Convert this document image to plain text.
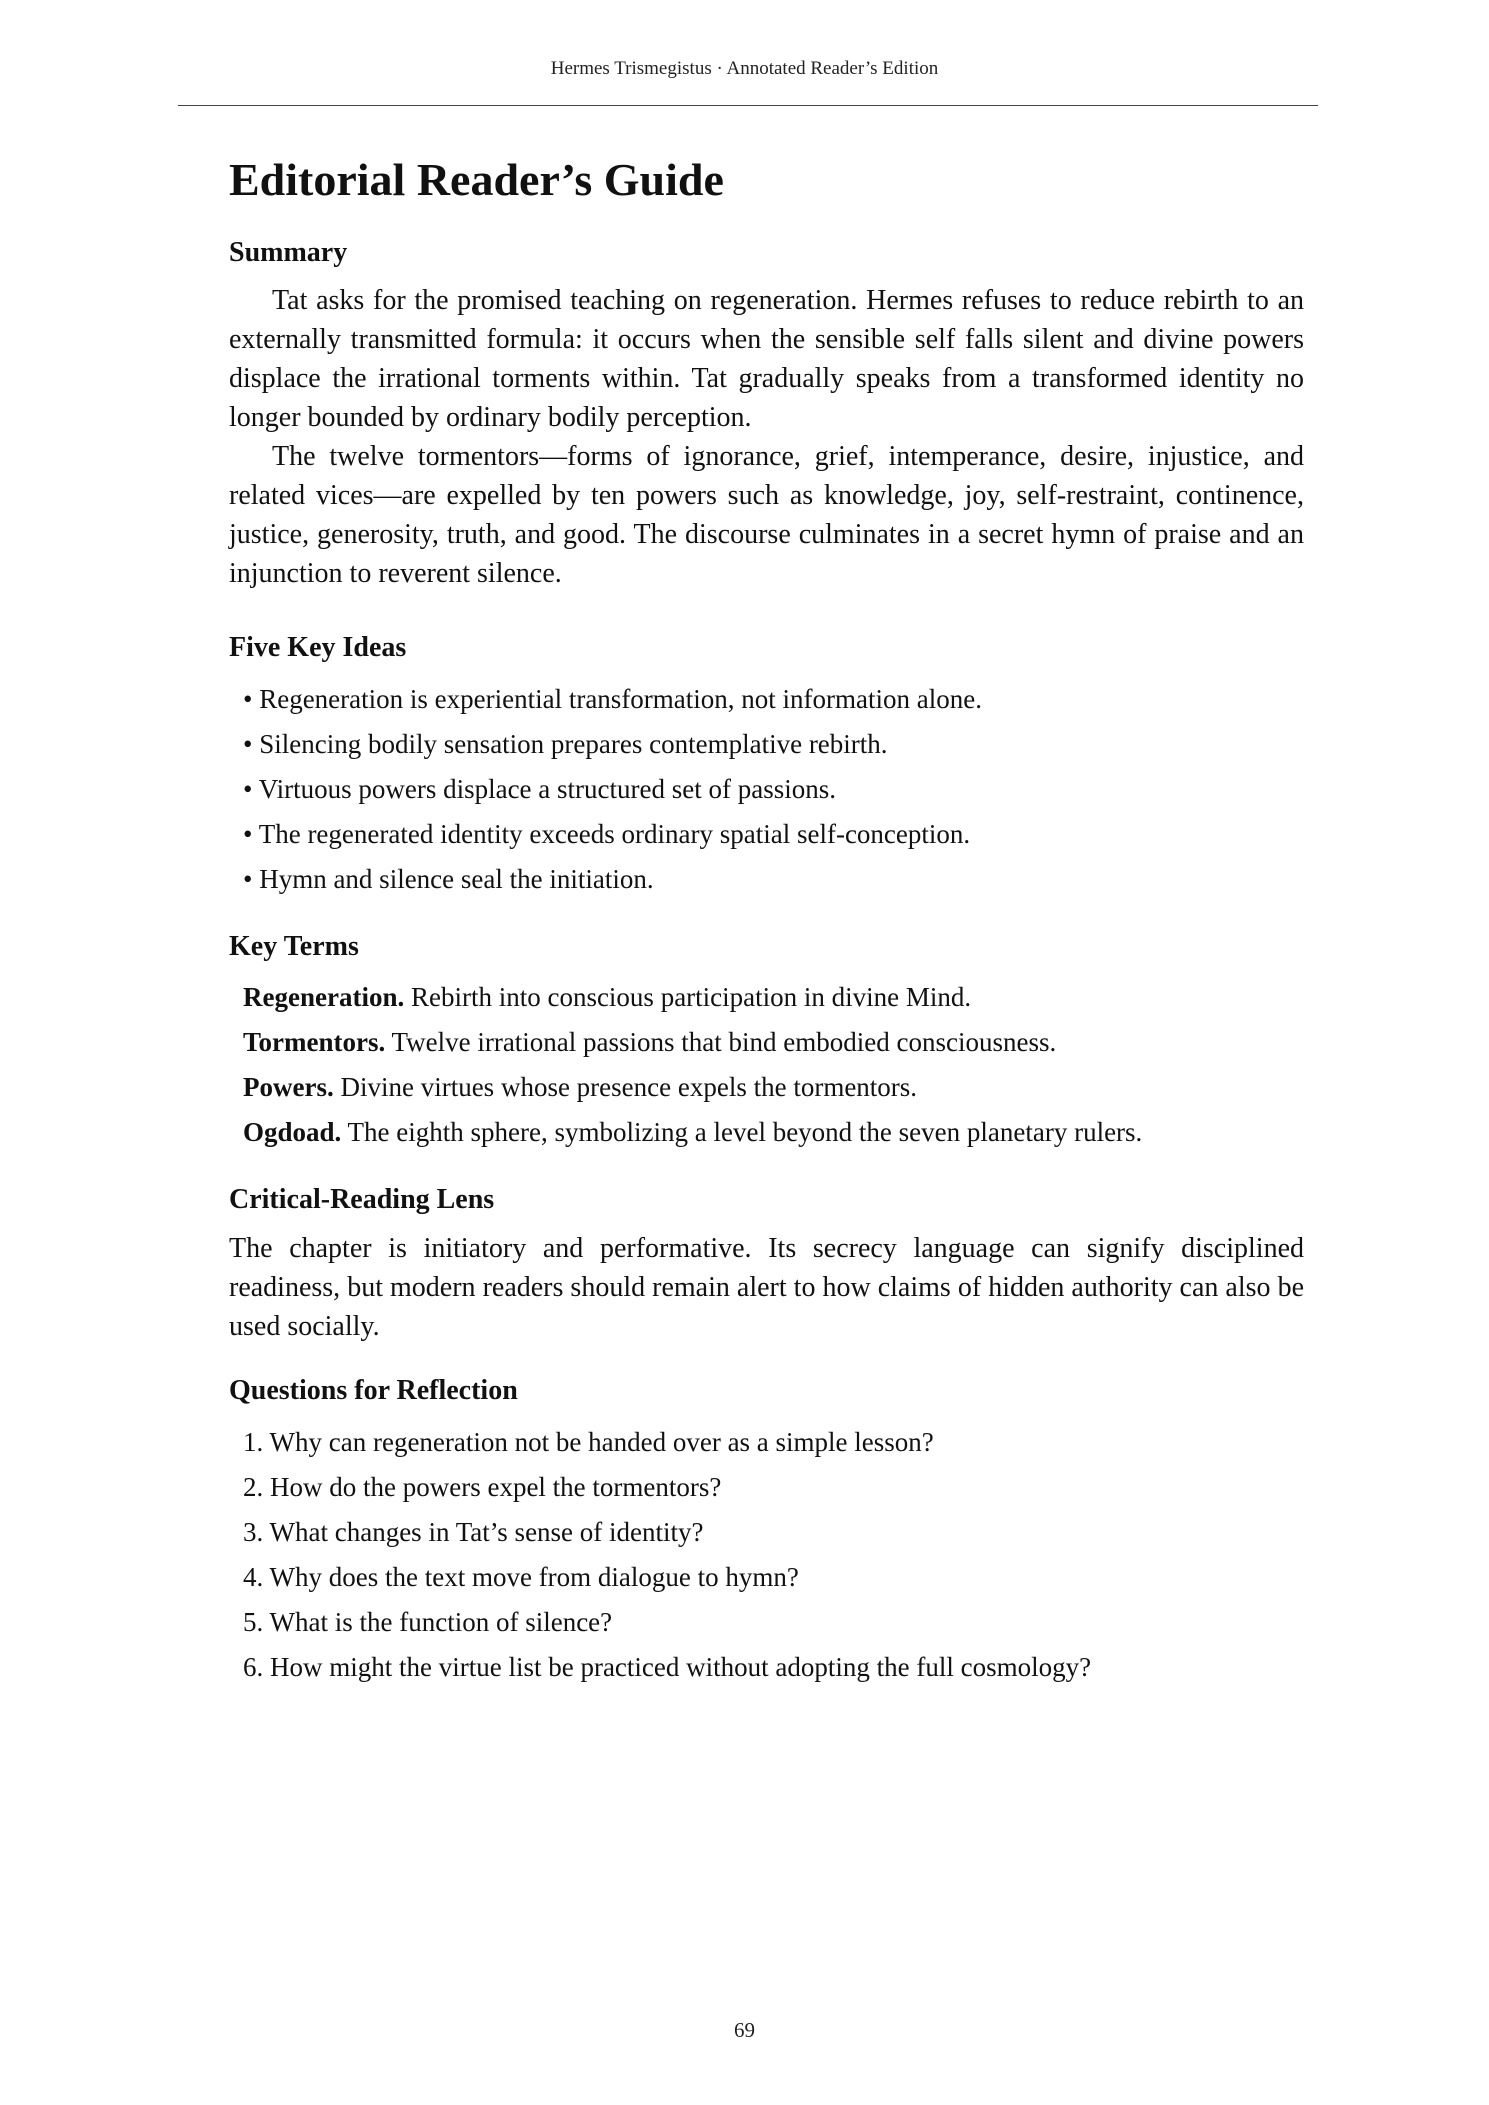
Hermes Trismegistus · Annotated Reader’s Edition
Editorial Reader’s Guide
Summary

Tat asks for the promised teaching on regeneration. Hermes refuses to reduce rebirth to an externally transmitted formula: it occurs when the sensible self falls silent and divine powers displace the irrational torments within. Tat gradually speaks from a transformed identity no longer bounded by ordinary bodily perception.

The twelve tormentors—forms of ignorance, grief, intemperance, desire, injustice, and related vices—are expelled by ten powers such as knowledge, joy, self-restraint, continence, justice, generosity, truth, and good. The discourse culminates in a secret hymn of praise and an injunction to reverent silence.

Five Key Ideas
• Regeneration is experiential transformation, not information alone.
• Silencing bodily sensation prepares contemplative rebirth.
• Virtuous powers displace a structured set of passions.
• The regenerated identity exceeds ordinary spatial self-conception.
• Hymn and silence seal the initiation.
Key Terms
Regeneration. Rebirth into conscious participation in divine Mind.
Tormentors. Twelve irrational passions that bind embodied consciousness.
Powers. Divine virtues whose presence expels the tormentors.
Ogdoad. The eighth sphere, symbolizing a level beyond the seven planetary rulers.
Critical-Reading Lens

The chapter is initiatory and performative. Its secrecy language can signify disciplined readiness, but modern readers should remain alert to how claims of hidden authority can also be used socially.

Questions for Reflection
1. Why can regeneration not be handed over as a simple lesson?
2. How do the powers expel the tormentors?
3. What changes in Tat’s sense of identity?
4. Why does the text move from dialogue to hymn?
5. What is the function of silence?
6. How might the virtue list be practiced without adopting the full cosmology?
69
